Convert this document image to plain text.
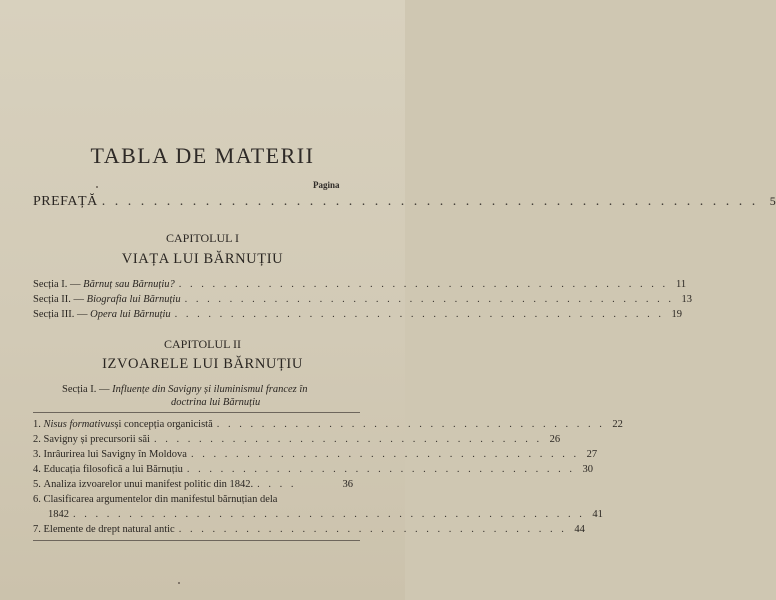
TABLA DE MATERII
Pagina
PREFAȚĂ . . . . . . . . . . . . . . . . . . . . . . . . . . . . . . . . . . . . . . . . . . . . . . . . . . . 5
CAPITOLUL I
VIAȚA LUI BĂRNUȚIU
Secția I. —
Bărnuț sau Bărnuțiu? . . . . . . . . . . . . . . . . . . . . . . . . . . . . . . . . . . . . . . . . . . . . 11
Secția II. —
Biografia lui Bărnuțiu . . . . . . . . . . . . . . . . . . . . . . . . . . . . . . . . . . . . . . . . . . . . 13
Secția III. —
Opera lui Bărnuțiu . . . . . . . . . . . . . . . . . . . . . . . . . . . . . . . . . . . . . . . . . . . . 19
CAPITOLUL II
IZVOARELE LUI BĂRNUȚIU
Secția I. — Influențe din Savigny și iluminismul francez în
doctrina lui Bărnuțiu
1.
Nisus formativus și concepția organicistă . . . . . . . . . . . . . . . . . . . . . . . . . . . . . . . . . . . 22
2.
Savigny și precursorii săi . . . . . . . . . . . . . . . . . . . . . . . . . . . . . . . . . . . 26
3.
Inrâurirea lui Savigny în Moldova . . . . . . . . . . . . . . . . . . . . . . . . . . . . . . . . . . . 27
4.
Educația filosofică a lui Bărnuțiu . . . . . . . . . . . . . . . . . . . . . . . . . . . . . . . . . . . 30
5.
Analiza izvoarelor unui manifest politic din 1842. . . . .	36
6. Clasificarea argumentelor din manifestul bărnuțian dela
1842 . . . . . . . . . . . . . . . . . . . . . . . . . . . . . . . . . . . . . . . . . . . . . . 41
7.
Elemente de drept natural antic . . . . . . . . . . . . . . . . . . . . . . . . . . . . . . . . . . . 44
